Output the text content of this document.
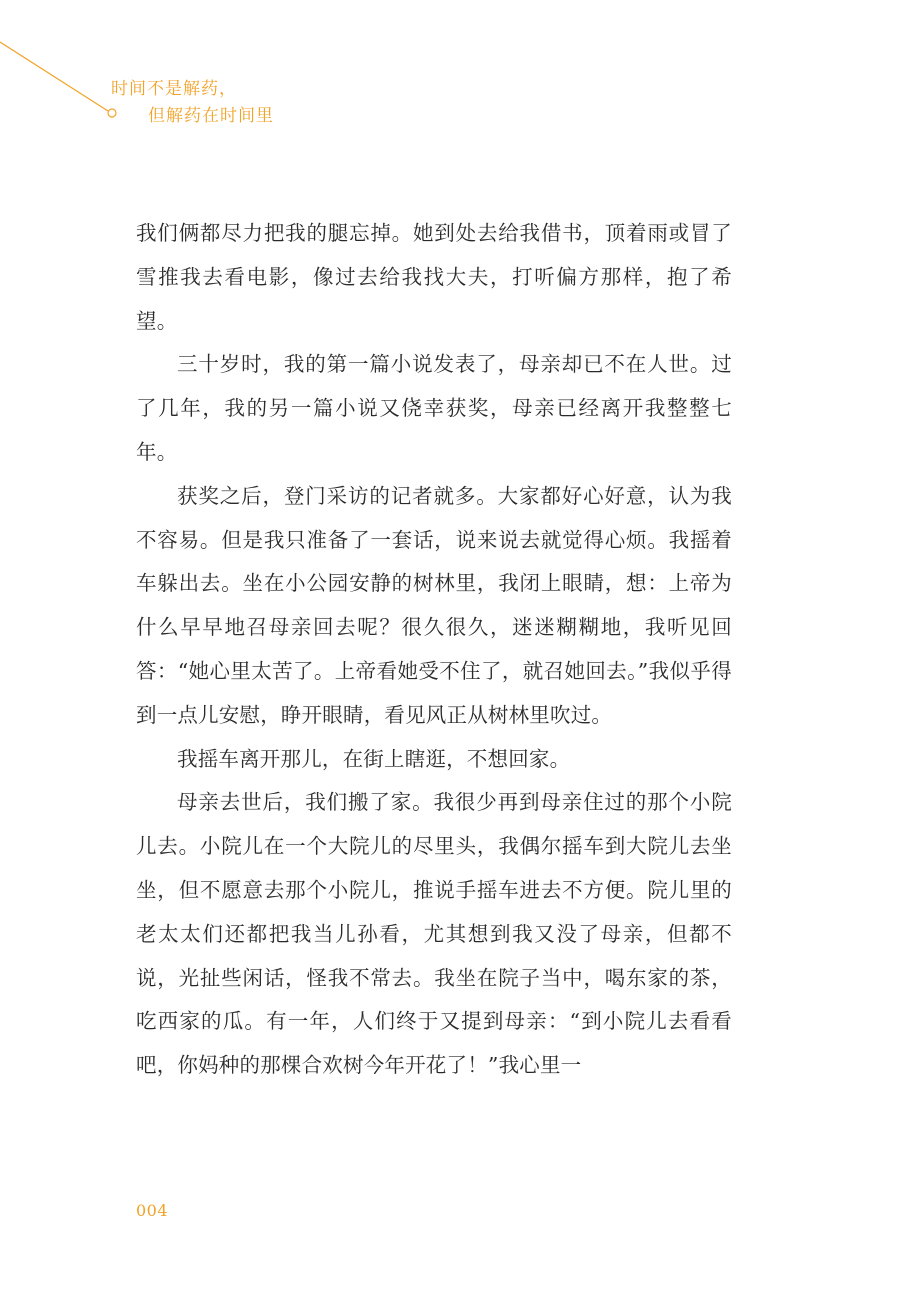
时间不是解药，
但解药在时间里

我们俩都尽力把我的腿忘掉。她到处去给我借书，顶着雨或冒了雪推我去看电影，像过去给我找大夫，打听偏方那样，抱了希望。

三十岁时，我的第一篇小说发表了，母亲却已不在人世。过了几年，我的另一篇小说又侥幸获奖，母亲已经离开我整整七年。

获奖之后，登门采访的记者就多。大家都好心好意，认为我不容易。但是我只准备了一套话，说来说去就觉得心烦。我摇着车躲出去。坐在小公园安静的树林里，我闭上眼睛，想：上帝为什么早早地召母亲回去呢？很久很久，迷迷糊糊地，我听见回答：“她心里太苦了。上帝看她受不住了，就召她回去。”我似乎得到一点儿安慰，睁开眼睛，看见风正从树林里吹过。

我摇车离开那儿，在街上瞎逛，不想回家。

母亲去世后，我们搬了家。我很少再到母亲住过的那个小院儿去。小院儿在一个大院儿的尽里头，我偶尔摇车到大院儿去坐坐，但不愿意去那个小院儿，推说手摇车进去不方便。院儿里的老太太们还都把我当儿孙看，尤其想到我又没了母亲，但都不说，光扯些闲话，怪我不常去。我坐在院子当中，喝东家的茶，吃西家的瓜。有一年，人们终于又提到母亲：“到小院儿去看看吧，你妈种的那棵合欢树今年开花了！”我心里一

004
